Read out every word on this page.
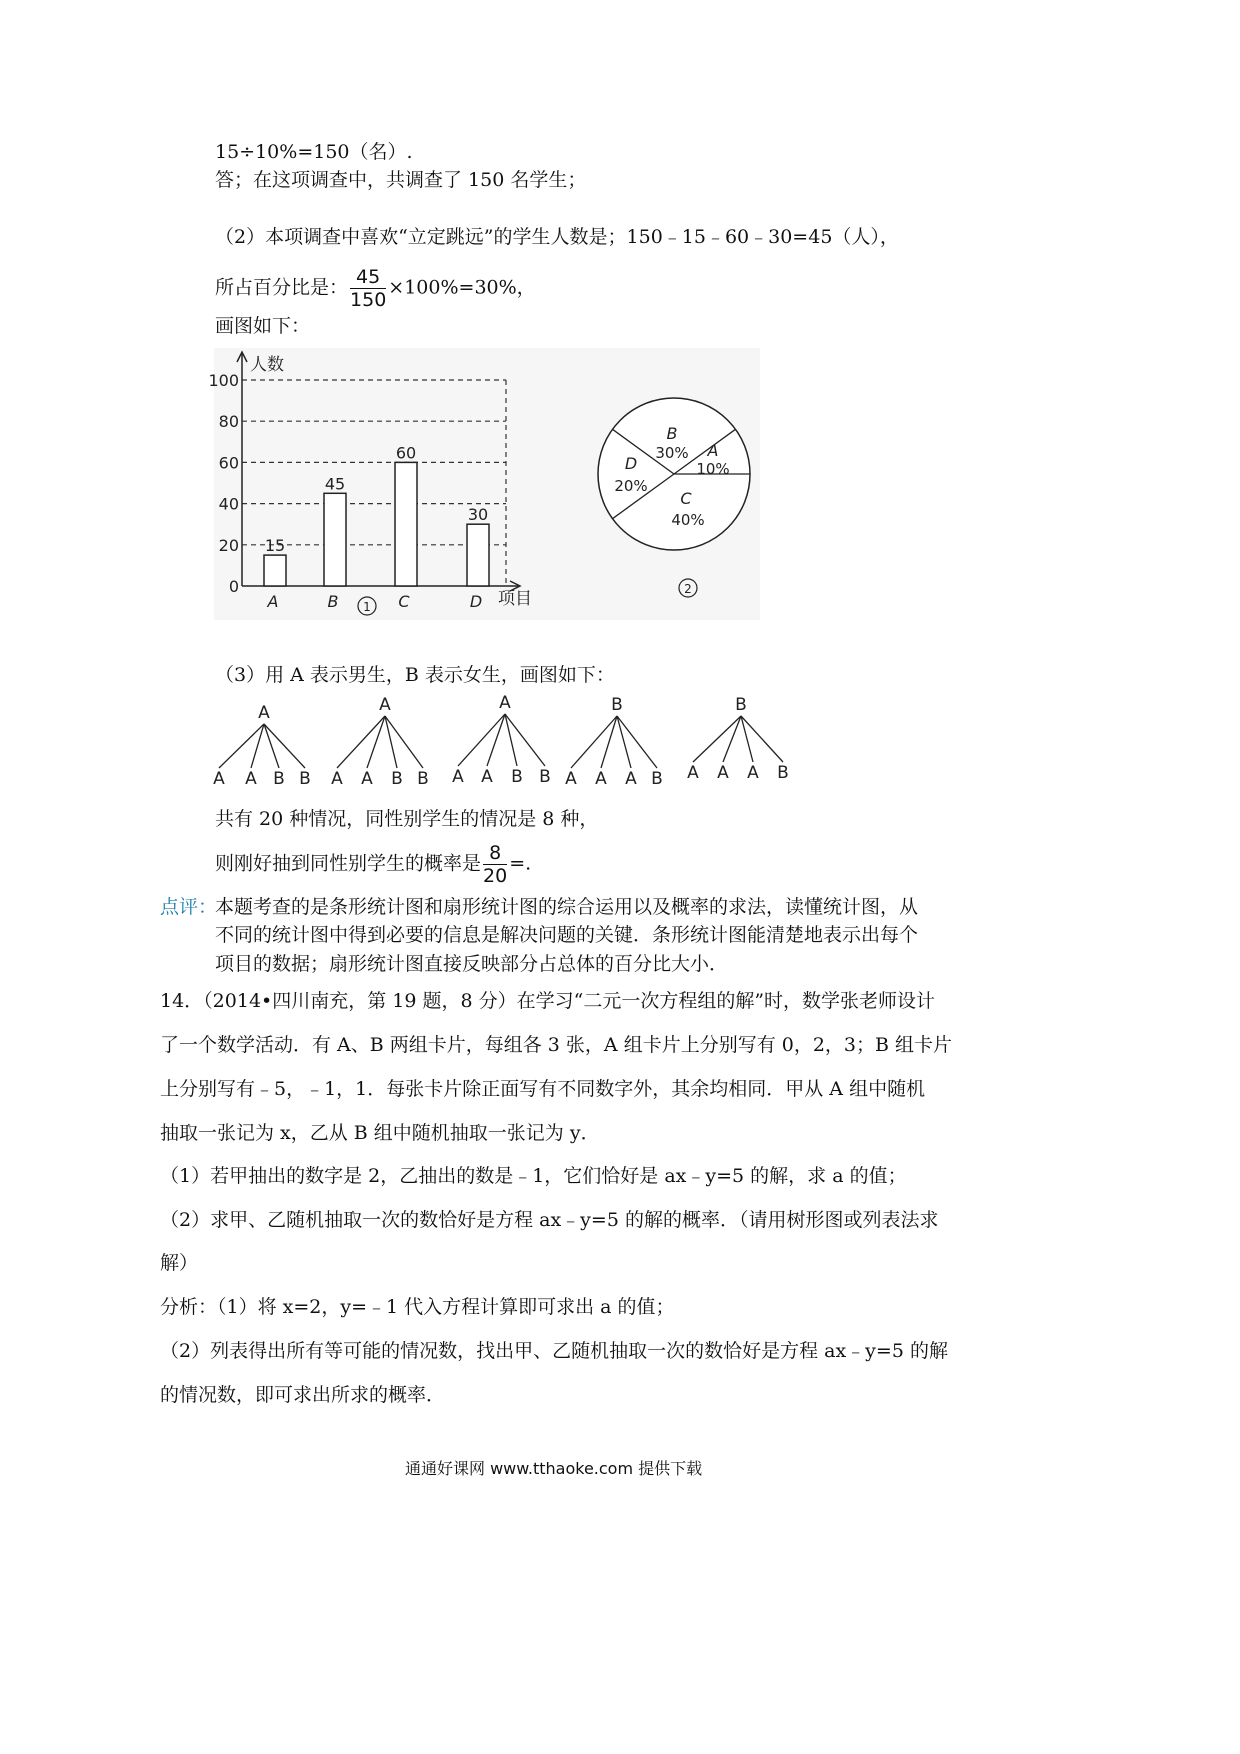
15÷10%=150（名）.
答；在这项调查中，共调查了 150 名学生；
（2）本项调查中喜欢“立定跳远”的学生人数是；150﹣15﹣60﹣30=45（人），
所占百分比是： $\frac{45}{150} \times 100\%=30\%$，
画图如下：
0
20
40
60
80
100
人数
项目
15
A
45
B
60
C
30
D
1
A
10%
B
30%
C
40%
D
20%
2
（3）用 A 表示男生，B 表示女生，画图如下：
A
A A B B
A
A A B B
A
A A B B
B
A A A B
B
A A A B
共有 20 种情况，同性别学生的情况是 8 种，
则刚好抽到同性别学生的概率是 $\frac{8}{20}$ =.
点评：
本题考查的是条形统计图和扇形统计图的综合运用以及概率的求法，读懂统计图，从
不同的统计图中得到必要的信息是解决问题的关键．条形统计图能清楚地表示出每个
项目的数据；扇形统计图直接反映部分占总体的百分比大小．
14．（2014•四川南充，第 19 题，8 分）在学习“二元一次方程组的解”时，数学张老师设计
了一个数学活动．有 A、B 两组卡片，每组各 3 张，A 组卡片上分别写有 0，2，3；B 组卡片
上分别写有﹣5，﹣1，1．每张卡片除正面写有不同数字外，其余均相同．甲从 A 组中随机
抽取一张记为 x，乙从 B 组中随机抽取一张记为 y．
（1）若甲抽出的数字是 2，乙抽出的数是﹣1，它们恰好是 ax﹣y=5 的解，求 a 的值；
（2）求甲、乙随机抽取一次的数恰好是方程 ax﹣y=5 的解的概率．（请用树形图或列表法求
解）
分析：（1）将 x=2，y=﹣1 代入方程计算即可求出 a 的值；
（2）列表得出所有等可能的情况数，找出甲、乙随机抽取一次的数恰好是方程 ax﹣y=5 的解
的情况数，即可求出所求的概率．
通通好课网 www.tthaoke.com 提供下载
